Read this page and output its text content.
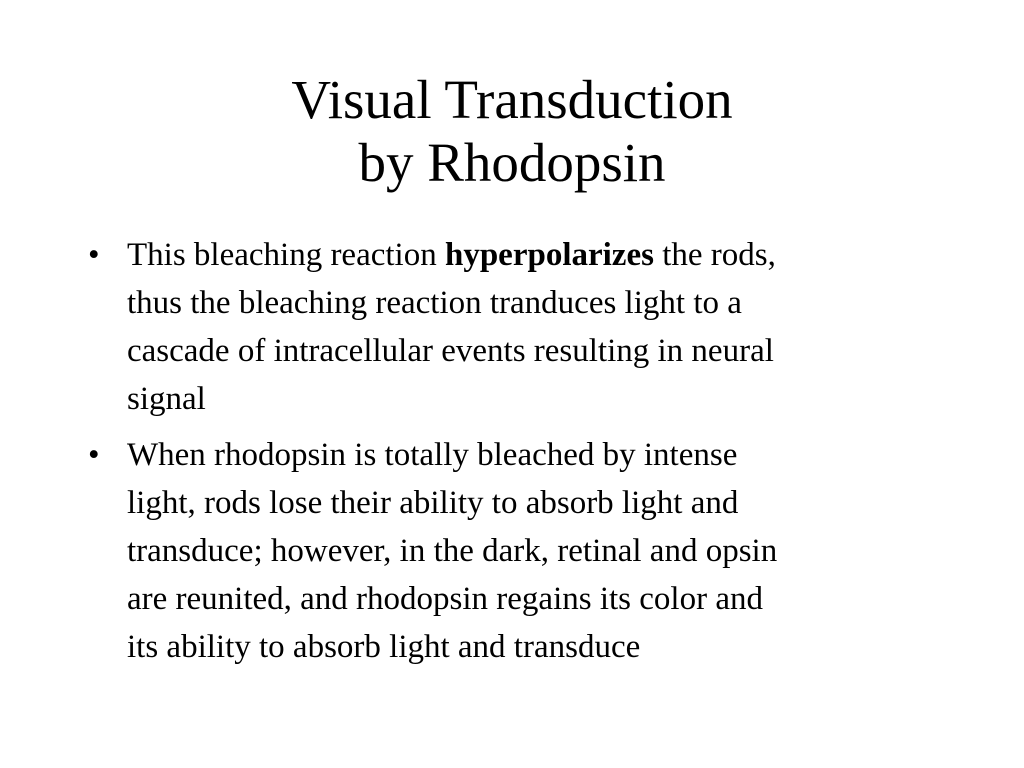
Visual Transduction
by Rhodopsin
• This bleaching reaction hyperpolarizes the rods,
thus the bleaching reaction tranduces light to a
cascade of intracellular events resulting in neural
signal
• When rhodopsin is totally bleached by intense
light, rods lose their ability to absorb light and
transduce; however, in the dark, retinal and opsin
are reunited, and rhodopsin regains its color and
its ability to absorb light and transduce
